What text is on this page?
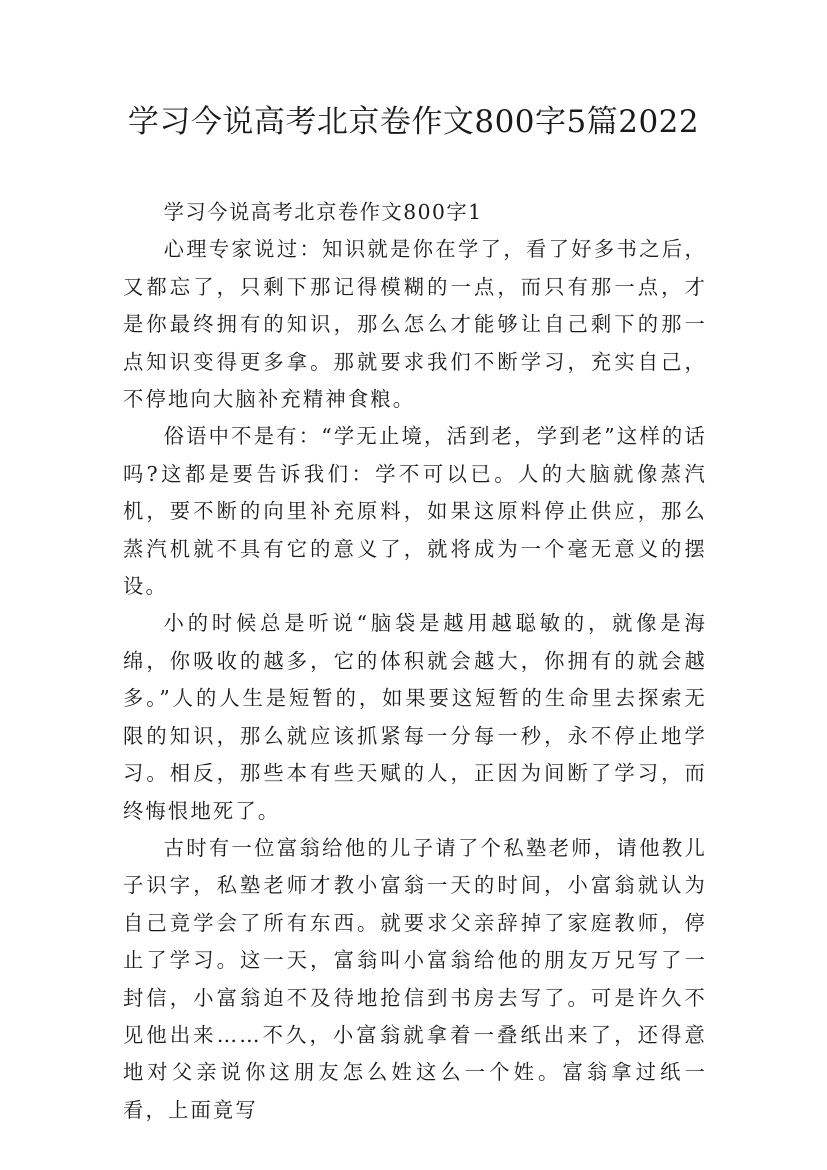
学习今说高考北京卷作文800字5篇2022

学习今说高考北京卷作文800字1

心理专家说过：知识就是你在学了，看了好多书之后，又都忘了，只剩下那记得模糊的一点，而只有那一点，才是你最终拥有的知识，那么怎么才能够让自己剩下的那一点知识变得更多拿。那就要求我们不断学习，充实自己，不停地向大脑补充精神食粮。

俗语中不是有：“学无止境，活到老，学到老”这样的话吗?这都是要告诉我们：学不可以已。人的大脑就像蒸汽机，要不断的向里补充原料，如果这原料停止供应，那么蒸汽机就不具有它的意义了，就将成为一个毫无意义的摆设。

小的时候总是听说“脑袋是越用越聪敏的，就像是海绵，你吸收的越多，它的体积就会越大，你拥有的就会越多。”人的人生是短暂的，如果要这短暂的生命里去探索无限的知识，那么就应该抓紧每一分每一秒，永不停止地学习。相反，那些本有些天赋的人，正因为间断了学习，而终悔恨地死了。

古时有一位富翁给他的儿子请了个私塾老师，请他教儿子识字，私塾老师才教小富翁一天的时间，小富翁就认为自己竟学会了所有东西。就要求父亲辞掉了家庭教师，停止了学习。这一天，富翁叫小富翁给他的朋友万兄写了一封信，小富翁迫不及待地抢信到书房去写了。可是许久不见他出来……不久，小富翁就拿着一叠纸出来了，还得意地对父亲说你这朋友怎么姓这么一个姓。富翁拿过纸一看，上面竟写
